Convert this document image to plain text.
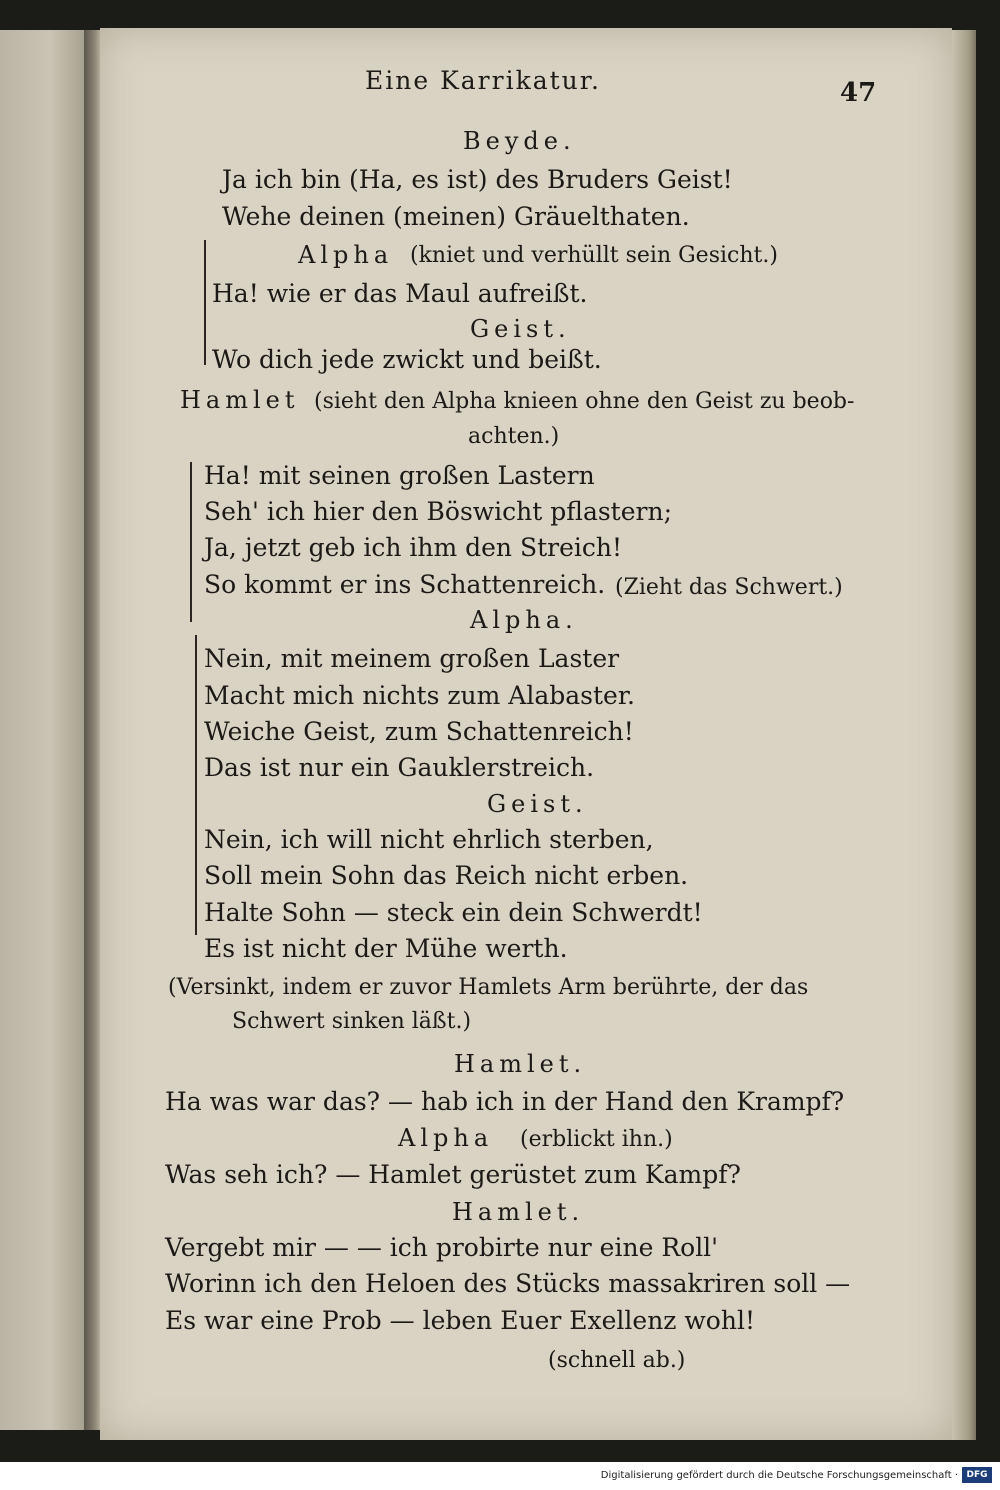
Eine Karrikatur.	47
Beyde.
Ja ich bin (Ha, es ist) des Bruders Geist!
Wehe deinen (meinen) Gräuelthaten.
Alpha (kniet und verhüllt sein Gesicht.)
Ha! wie er das Maul aufreißt.
Geist.
Wo dich jede zwickt und beißt.
Hamlet (sieht den Alpha knieen ohne den Geist zu beob-
achten.)
Ha! mit seinen großen Lastern
Seh' ich hier den Böswicht pflastern;
Ja, jetzt geb ich ihm den Streich!
So kommt er ins Schattenreich. (Zieht das Schwert.)
Alpha.
Nein, mit meinem großen Laster
Macht mich nichts zum Alabaster.
Weiche Geist, zum Schattenreich!
Das ist nur ein Gauklerstreich.
Geist.
Nein, ich will nicht ehrlich sterben,
Soll mein Sohn das Reich nicht erben.
Halte Sohn — steck ein dein Schwerdt!
Es ist nicht der Mühe werth.
(Versinkt, indem er zuvor Hamlets Arm berührte, der das
Schwert sinken läßt.)
Hamlet.
Ha was war das? — hab ich in der Hand den Krampf?
Alpha (erblickt ihn.)
Was seh ich? — Hamlet gerüstet zum Kampf?
Hamlet.
Vergebt mir — — ich probirte nur eine Roll'
Worinn ich den Heloen des Stücks massakriren soll —
Es war eine Prob — leben Euer Exellenz wohl!
(schnell ab.)
Digitalisierung gefördert durch die Deutsche Forschungsgemeinschaft · DFG
